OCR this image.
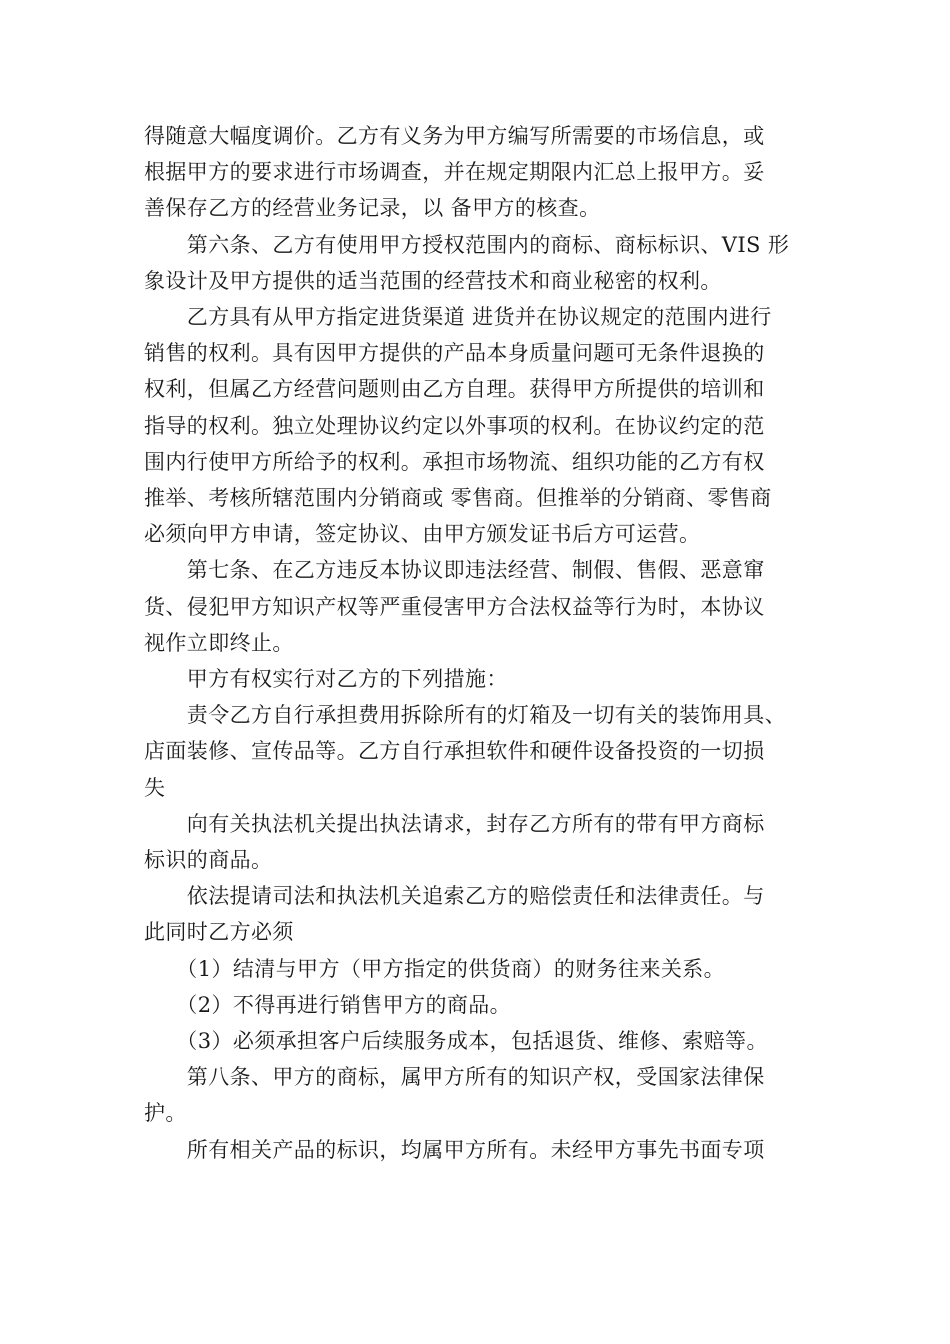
得随意大幅度调价。乙方有义务为甲方编写所需要的市场信息，或
根据甲方的要求进行市场调查，并在规定期限内汇总上报甲方。妥
善保存乙方的经营业务记录，以 备甲方的核查。
　　第六条、乙方有使用甲方授权范围内的商标、商标标识、VIS 形
象设计及甲方提供的适当范围的经营技术和商业秘密的权利。
　　乙方具有从甲方指定进货渠道 进货并在协议规定的范围内进行
销售的权利。具有因甲方提供的产品本身质量问题可无条件退换的
权利，但属乙方经营问题则由乙方自理。获得甲方所提供的培训和
指导的权利。独立处理协议约定以外事项的权利。在协议约定的范
围内行使甲方所给予的权利。承担市场物流、组织功能的乙方有权
推举、考核所辖范围内分销商或 零售商。但推举的分销商、零售商
必须向甲方申请，签定协议、由甲方颁发证书后方可运营。
　　第七条、在乙方违反本协议即违法经营、制假、售假、恶意窜
货、侵犯甲方知识产权等严重侵害甲方合法权益等行为时，本协议
视作立即终止。
　　甲方有权实行对乙方的下列措施：
　　责令乙方自行承担费用拆除所有的灯箱及一切有关的装饰用具、
店面装修、宣传品等。乙方自行承担软件和硬件设备投资的一切损
失
　　向有关执法机关提出执法请求，封存乙方所有的带有甲方商标
标识的商品。
　　依法提请司法和执法机关追索乙方的赔偿责任和法律责任。与
此同时乙方必须
　　（1）结清与甲方（甲方指定的供货商）的财务往来关系。
　　（2）不得再进行销售甲方的商品。
　　（3）必须承担客户后续服务成本，包括退货、维修、索赔等。
　　第八条、甲方的商标，属甲方所有的知识产权，受国家法律保
护。
　　所有相关产品的标识，均属甲方所有。未经甲方事先书面专项
